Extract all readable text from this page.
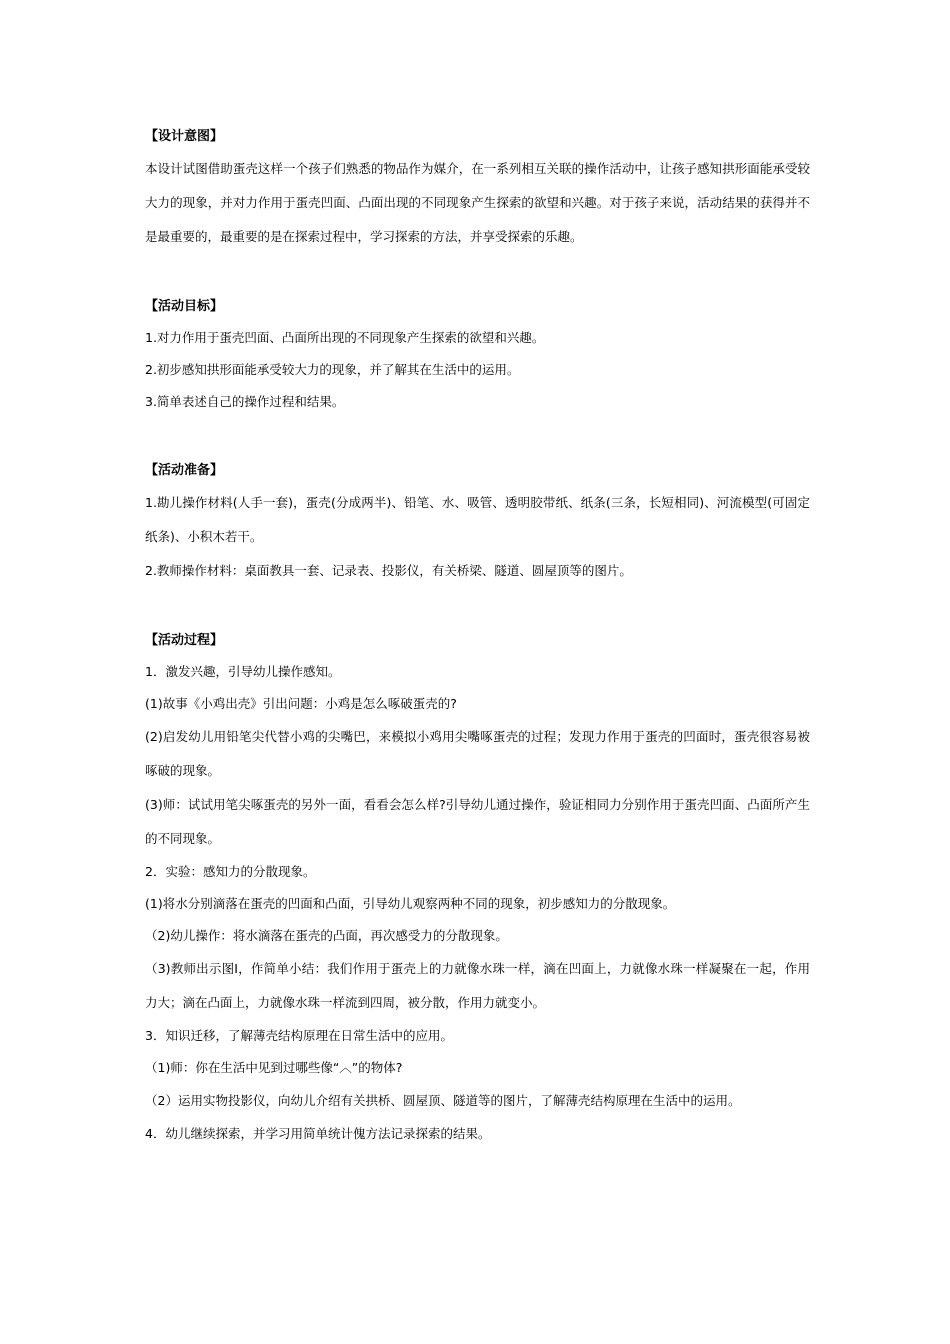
【设计意图】

本设计试图借助蛋壳这样一个孩子们熟悉的物品作为媒介，在一系列相互关联的操作活动中，让孩子感知拱形面能承受较大力的现象，并对力作用于蛋壳凹面、凸面出现的不同现象产生探索的欲望和兴趣。对于孩子来说，活动结果的获得并不是最重要的，最重要的是在探索过程中，学习探索的方法，并享受探索的乐趣。

【活动目标】

1.对力作用于蛋壳凹面、凸面所出现的不同现象产生探索的欲望和兴趣。

2.初步感知拱形面能承受较大力的现象，并了解其在生活中的运用。

3.简单表述自己的操作过程和结果。

【活动准备】

1.勘儿操作材料(人手一套)，蛋壳(分成两半)、铅笔、水、吸管、透明胶带纸、纸条(三条，长短相同)、河流模型(可固定纸条)、小积木若干。

2.教师操作材料：桌面教具一套、记录表、投影仪，有关桥梁、隧道、圆屋顶等的图片。

【活动过程】

1．激发兴趣，引导幼儿操作感知。

(1)故事《小鸡出壳》引出问题：小鸡是怎么啄破蛋壳的?

(2)启发幼儿用铅笔尖代替小鸡的尖嘴巴，来模拟小鸡用尖嘴啄蛋壳的过程；发现力作用于蛋壳的凹面时，蛋壳很容易被啄破的现象。

(3)师：试试用笔尖啄蛋壳的另外一面，看看会怎么样?引导幼儿通过操作，验证相同力分别作用于蛋壳凹面、凸面所产生的不同现象。

2．实验：感知力的分散现象。

(1)将水分别滴落在蛋壳的凹面和凸面，引导幼儿观察两种不同的现象，初步感知力的分散现象。

（2)幼儿操作：将水滴落在蛋壳的凸面，再次感受力的分散现象。

（3)教师出示图Ⅰ，作简单小结：我们作用于蛋壳上的力就像水珠一样，滴在凹面上，力就像水珠一样凝聚在一起，作用力大；滴在凸面上，力就像水珠一样流到四周，被分散，作用力就变小。

3．知识迁移，了解薄壳结构原理在日常生活中的应用。

（1)师：你在生活中见到过哪些像“︿”的物体?

（2）运用实物投影仪，向幼儿介绍有关拱桥、圆屋顶、隧道等的图片，了解薄壳结构原理在生活中的运用。

4．幼儿继续探索，并学习用简单统计傀方法记录探索的结果。
